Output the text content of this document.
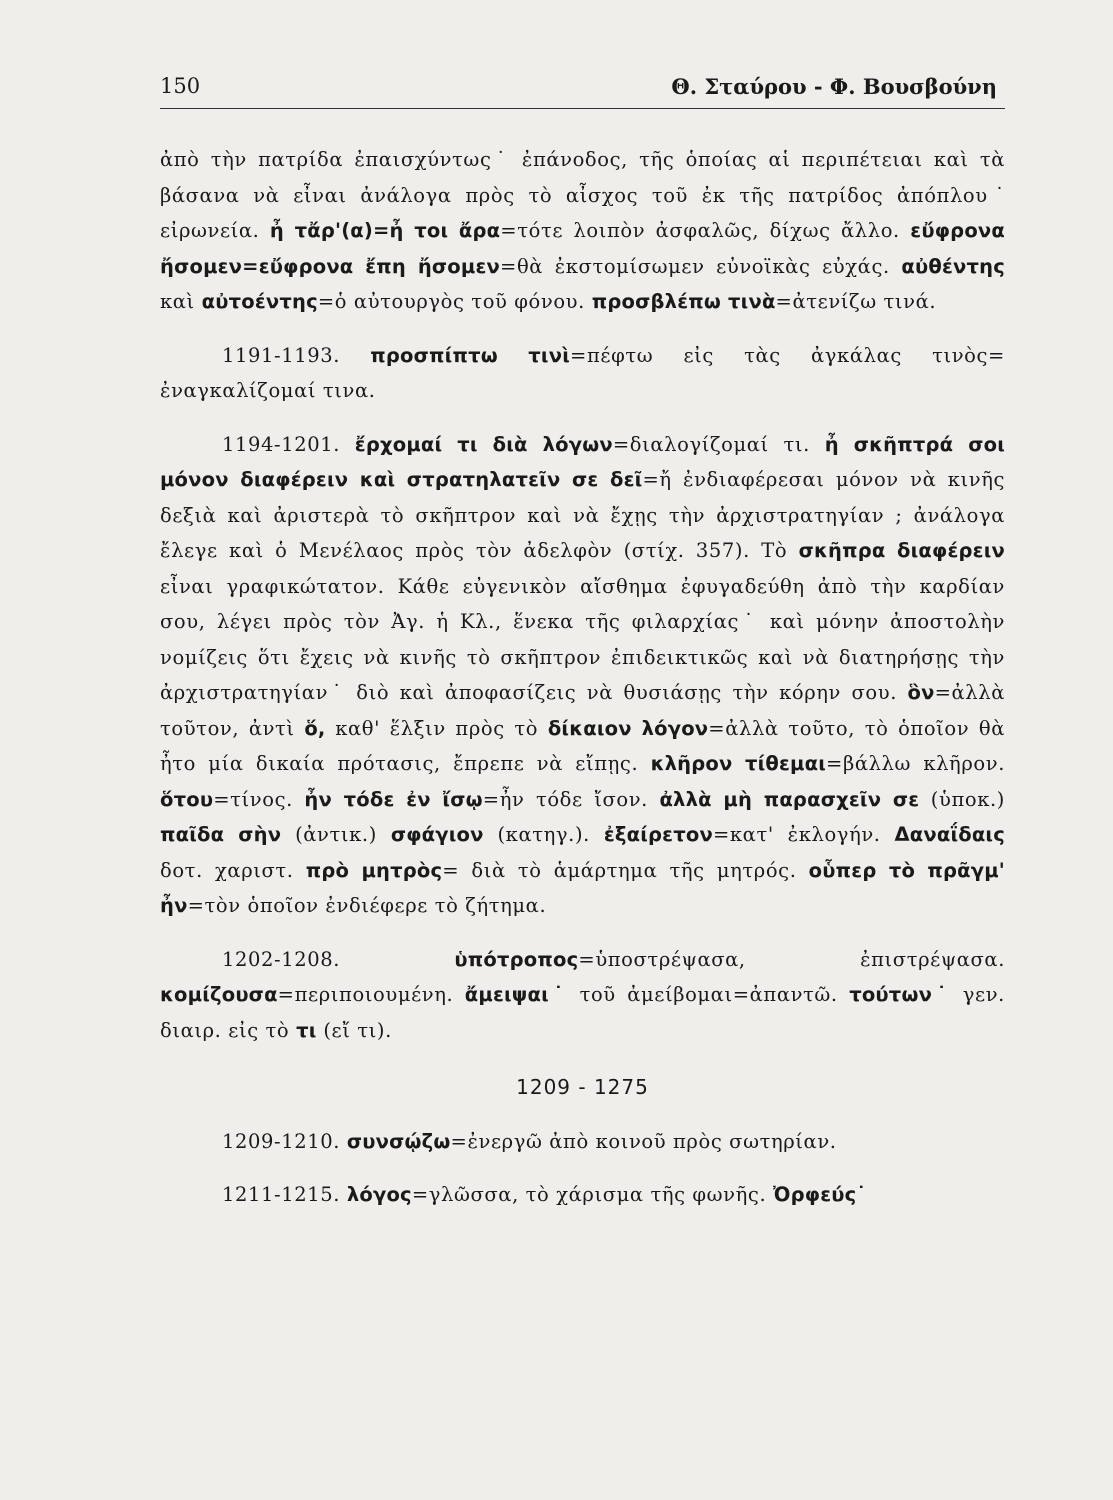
150	Θ. Σταύρου - Φ. Βουσβούνη

ἀπὸ τὴν πατρίδα ἐπαισχύντως˙ ἐπάνοδος, τῆς ὁποίας αἱ περιπέτειαι καὶ τὰ βάσανα νὰ εἶναι ἀνάλογα πρὸς τὸ αἶσχος τοῦ ἐκ τῆς πατρίδος ἀπόπλου˙ εἰρωνεία. ἦ τἄρ'(α)=ἦ τοι ἄρα=τότε λοιπὸν ἀσφαλῶς, δίχως ἄλλο. εὔφρονα ἤσομεν=εὔφρονα ἔπη ἤσομεν=θὰ ἐκστομίσωμεν εὐνοϊκὰς εὐχάς. αὐθέντης καὶ αὐτοέντης=ὁ αὐτουργὸς τοῦ φόνου. προσβλέπω τινὰ=ἀτενίζω τινά.

1191-1193. προσπίπτω τινὶ=πέφτω εἰς τὰς ἀγκάλας τινὸς= ἐναγκαλίζομαί τινα.

1194-1201. ἔρχομαί τι διὰ λόγων=διαλογίζομαί τι. ἦ σκῆπτρά σοι μόνον διαφέρειν καὶ στρατηλατεῖν σε δεῖ=ἤ ἐνδιαφέρεσαι μόνον νὰ κινῆς δεξιὰ καὶ ἀριστερὰ τὸ σκῆπτρον καὶ νὰ ἔχῃς τὴν ἀρχιστρατηγίαν ; ἀνάλογα ἔλεγε καὶ ὁ Μενέλαος πρὸς τὸν ἀδελφὸν (στίχ. 357). Τὸ σκῆπρα διαφέρειν εἶναι γραφικώτατον. Κάθε εὐγενικὸν αἴσθημα ἐφυγαδεύθη ἀπὸ τὴν καρδίαν σου, λέγει πρὸς τὸν Ἀγ. ἡ Κλ., ἕνεκα τῆς φιλαρχίας˙ καὶ μόνην ἀποστολὴν νομίζεις ὅτι ἔχεις νὰ κινῆς τὸ σκῆπτρον ἐπιδεικτικῶς καὶ νὰ διατηρήσῃς τὴν ἀρχιστρατηγίαν˙ διὸ καὶ ἀποφασίζεις νὰ θυσιάσῃς τὴν κόρην σου. ὃν=ἀλλὰ τοῦτον, ἀντὶ ὅ, καθ' ἕλξιν πρὸς τὸ δίκαιον λόγον=ἀλλὰ τοῦτο, τὸ ὁποῖον θὰ ἦτο μία δικαία πρότασις, ἔπρεπε νὰ εἴπῃς. κλῆρον τίθεμαι=βάλλω κλῆρον. ὅτου=τίνος. ἦν τόδε ἐν ἴσῳ=ἦν τόδε ἴσον. ἀλλὰ μὴ παρασχεῖν σε (ὑποκ.) παῖδα σὴν (ἀντικ.) σφάγιον (κατηγ.). ἐξαίρετον=κατ' ἐκλογήν. Δαναΐδαις δοτ. χαριστ. πρὸ μητρὸς= διὰ τὸ ἁμάρτημα τῆς μητρός. οὗπερ τὸ πρᾶγμ' ἦν=τὸν ὁποῖον ἐνδιέφερε τὸ ζήτημα.

1202-1208. ὑπότροπος=ὑποστρέψασα, ἐπιστρέψασα. κομίζουσα=περιποιουμένη. ἄμειψαι˙ τοῦ ἀμείβομαι=ἀπαντῶ. τούτων˙ γεν. διαιρ. εἰς τὸ τι (εἴ τι).

1209 - 1275

1209-1210. συνσῴζω=ἐνεργῶ ἀπὸ κοινοῦ πρὸς σωτηρίαν.

1211-1215. λόγος=γλῶσσα, τὸ χάρισμα τῆς φωνῆς. Ὀρφεύς˙
